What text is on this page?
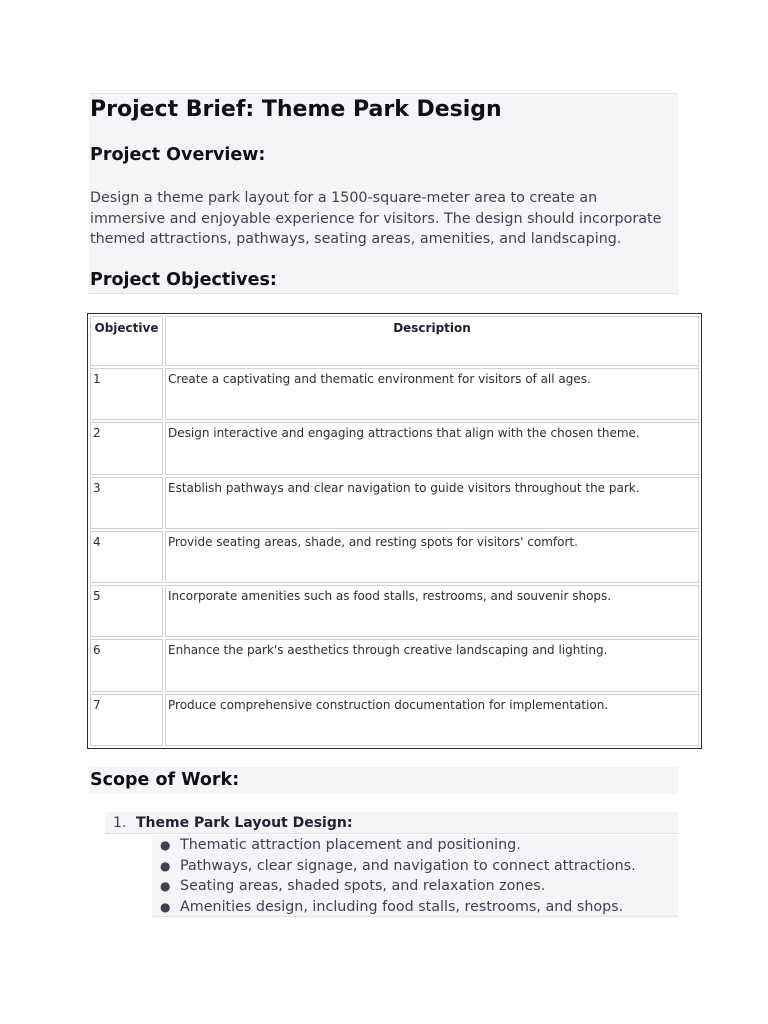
Project Brief: Theme Park Design
Project Overview:

Design a theme park layout for a 1500-square-meter area to create an immersive and enjoyable experience for visitors. The design should incorporate themed attractions, pathways, seating areas, amenities, and landscaping.

Project Objectives:
Objective	Description
1	Create a captivating and thematic environment for visitors of all ages.
2	Design interactive and engaging attractions that align with the chosen theme.
3	Establish pathways and clear navigation to guide visitors throughout the park.
4	Provide seating areas, shade, and resting spots for visitors' comfort.
5	Incorporate amenities such as food stalls, restrooms, and souvenir shops.
6	Enhance the park's aesthetics through creative landscaping and lighting.
7	Produce comprehensive construction documentation for implementation.
Scope of Work:
1. Theme Park Layout Design:
● Thematic attraction placement and positioning.
● Pathways, clear signage, and navigation to connect attractions.
● Seating areas, shaded spots, and relaxation zones.
● Amenities design, including food stalls, restrooms, and shops.
